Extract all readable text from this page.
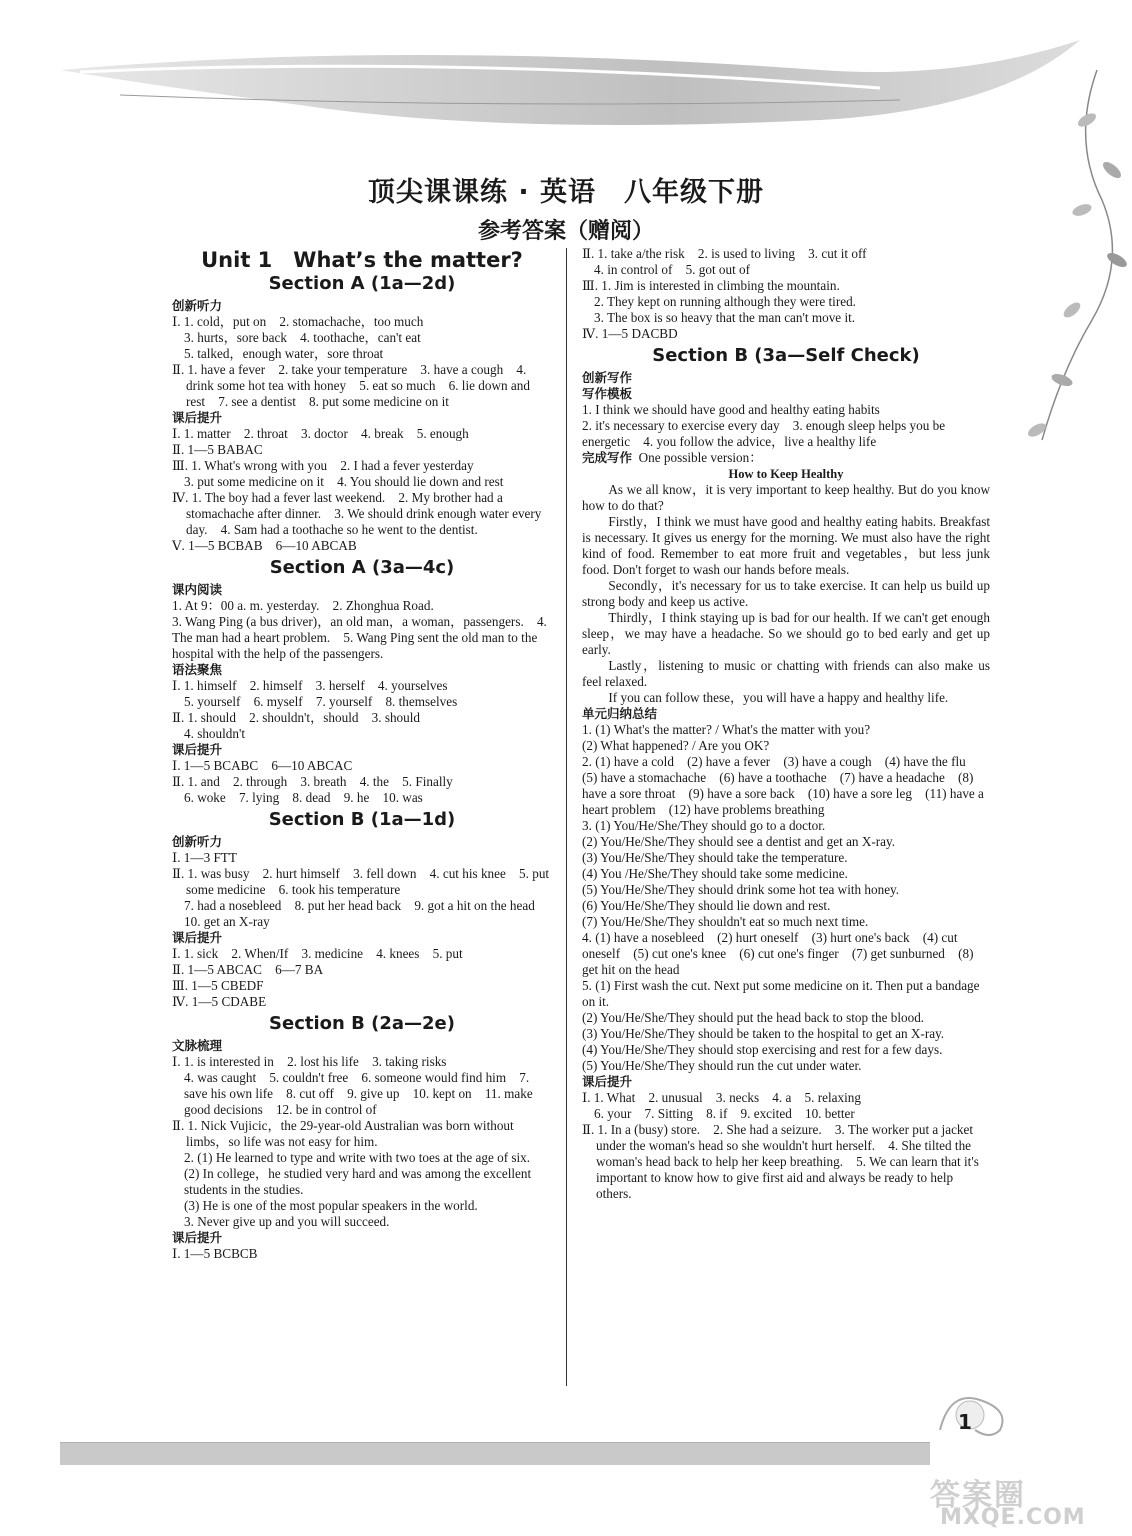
顶尖课课练 · 英语　八年级下册
参考答案（赠阅）
Unit 1　What’s the matter?
Section A (1a—2d)
创新听力
Ⅰ. 1. cold，put on　2. stomachache，too much
3. hurts，sore back　4. toothache，can't eat
5. talked，enough water，sore throat
Ⅱ. 1. have a fever　2. take your temperature　3. have a cough　4. drink some hot tea with honey　5. eat so much　6. lie down and rest　7. see a dentist　8. put some medicine on it
课后提升
Ⅰ. 1. matter　2. throat　3. doctor　4. break　5. enough
Ⅱ. 1—5 BABAC
Ⅲ. 1. What's wrong with you　2. I had a fever yesterday
3. put some medicine on it　4. You should lie down and rest
Ⅳ. 1. The boy had a fever last weekend.　2. My brother had a stomachache after dinner.　3. We should drink enough water every day.　4. Sam had a toothache so he went to the dentist.
Ⅴ. 1—5 BCBAB　6—10 ABCAB
Section A (3a—4c)
课内阅读
1. At 9：00 a. m. yesterday.　2. Zhonghua Road.
3. Wang Ping (a bus driver)，an old man，a woman，passengers.　4. The man had a heart problem.　5. Wang Ping sent the old man to the hospital with the help of the passengers.
语法聚焦
Ⅰ. 1. himself　2. himself　3. herself　4. yourselves
5. yourself　6. myself　7. yourself　8. themselves
Ⅱ. 1. should　2. shouldn't，should　3. should
4. shouldn't
课后提升
Ⅰ. 1—5 BCABC　6—10 ABCAC
Ⅱ. 1. and　2. through　3. breath　4. the　5. Finally
6. woke　7. lying　8. dead　9. he　10. was
Section B (1a—1d)
创新听力
Ⅰ. 1—3 FTT
Ⅱ. 1. was busy　2. hurt himself　3. fell down　4. cut his knee　5. put some medicine　6. took his temperature
7. had a nosebleed　8. put her head back　9. got a hit on the head　10. get an X-ray
课后提升
Ⅰ. 1. sick　2. When/If　3. medicine　4. knees　5. put
Ⅱ. 1—5 ABCAC　6—7 BA
Ⅲ. 1—5 CBEDF
Ⅳ. 1—5 CDABE
Section B (2a—2e)
文脉梳理
Ⅰ. 1. is interested in　2. lost his life　3. taking risks
4. was caught　5. couldn't free　6. someone would find him　7. save his own life　8. cut off　9. give up　10. kept on　11. make good decisions　12. be in control of
Ⅱ. 1. Nick Vujicic，the 29-year-old Australian was born without limbs，so life was not easy for him.
2. (1) He learned to type and write with two toes at the age of six.
(2) In college，he studied very hard and was among the excellent students in the studies.
(3) He is one of the most popular speakers in the world.
3. Never give up and you will succeed.
课后提升
Ⅰ. 1—5 BCBCB
Ⅱ. 1. take a/the risk　2. is used to living　3. cut it off
4. in control of　5. got out of
Ⅲ. 1. Jim is interested in climbing the mountain.
2. They kept on running although they were tired.
3. The box is so heavy that the man can't move it.
Ⅳ. 1—5 DACBD
Section B (3a—Self Check)
创新写作
写作模板
1. I think we should have good and healthy eating habits
2. it's necessary to exercise every day　3. enough sleep helps you be energetic　4. you follow the advice，live a healthy life
完成写作 One possible version：
How to Keep Healthy
As we all know，it is very important to keep healthy. But do you know how to do that?
Firstly，I think we must have good and healthy eating habits. Breakfast is necessary. It gives us energy for the morning. We must also have the right kind of food. Remember to eat more fruit and vegetables，but less junk food. Don't forget to wash our hands before meals.
Secondly，it's necessary for us to take exercise. It can help us build up strong body and keep us active.
Thirdly，I think staying up is bad for our health. If we can't get enough sleep，we may have a headache. So we should go to bed early and get up early.
Lastly，listening to music or chatting with friends can also make us feel relaxed.
If you can follow these，you will have a happy and healthy life.
单元归纳总结
1. (1) What's the matter? / What's the matter with you?
(2) What happened? / Are you OK?
2. (1) have a cold　(2) have a fever　(3) have a cough　(4) have the flu　(5) have a stomachache　(6) have a toothache　(7) have a headache　(8) have a sore throat　(9) have a sore back　(10) have a sore leg　(11) have a heart problem　(12) have problems breathing
3. (1) You/He/She/They should go to a doctor.
(2) You/He/She/They should see a dentist and get an X-ray.
(3) You/He/She/They should take the temperature.
(4) You /He/She/They should take some medicine.
(5) You/He/She/They should drink some hot tea with honey.
(6) You/He/She/They should lie down and rest.
(7) You/He/She/They shouldn't eat so much next time.
4. (1) have a nosebleed　(2) hurt oneself　(3) hurt one's back　(4) cut oneself　(5) cut one's knee　(6) cut one's finger　(7) get sunburned　(8) get hit on the head
5. (1) First wash the cut. Next put some medicine on it. Then put a bandage on it.
(2) You/He/She/They should put the head back to stop the blood.
(3) You/He/She/They should be taken to the hospital to get an X-ray.
(4) You/He/She/They should stop exercising and rest for a few days.
(5) You/He/She/They should run the cut under water.
课后提升
Ⅰ. 1. What　2. unusual　3. necks　4. a　5. relaxing
6. your　7. Sitting　8. if　9. excited　10. better
Ⅱ. 1. In a (busy) store.　2. She had a seizure.　3. The worker put a jacket under the woman's head so she wouldn't hurt herself.　4. She tilted the woman's head back to help her keep breathing.　5. We can learn that it's important to know how to give first aid and always be ready to help others.
1
答案圈
MXQE.COM
